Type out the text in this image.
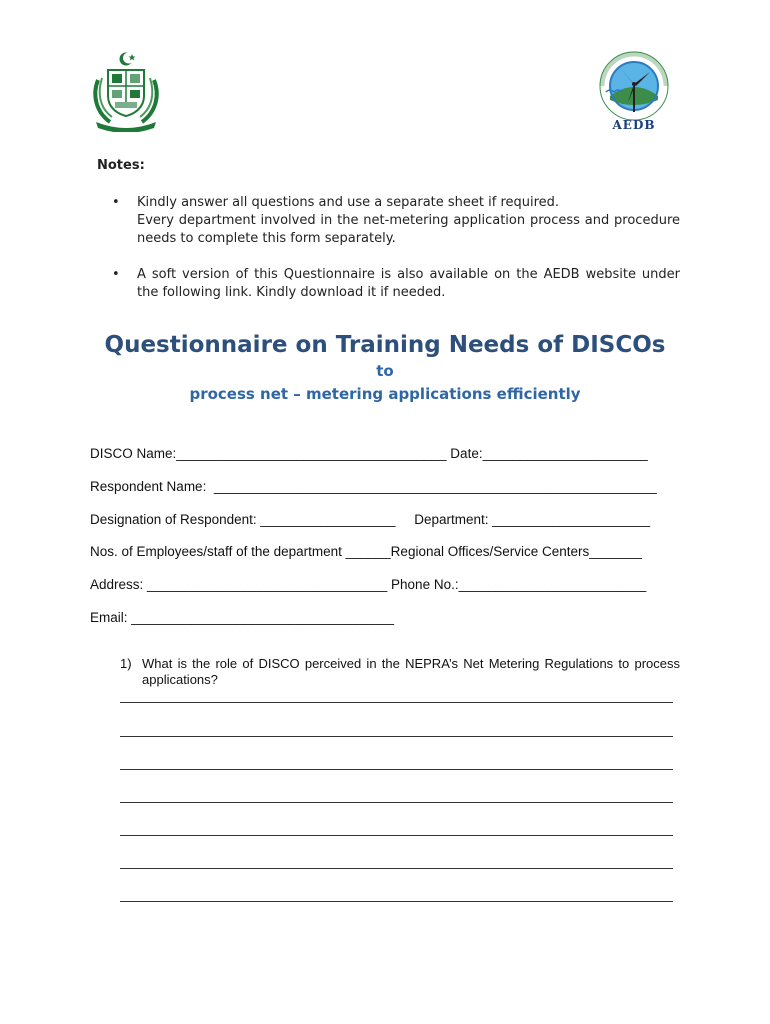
AEDB
Notes:
• Kindly answer all questions and use a separate sheet if required.
Every department involved in the net-metering application process and procedure needs to complete this form separately.
• A soft version of this Questionnaire is also available on the AEDB website under the following link. Kindly download it if needed.
Questionnaire on Training Needs of DISCOs
to
process net – metering applications efficiently
DISCO Name:____________________________________ Date:______________________
Respondent Name:  ___________________________________________________________
Designation of Respondent: __________________     Department: _____________________
Nos. of Employees/staff of the department ______Regional Offices/Service Centers_______
Address: ________________________________ Phone No.:_________________________
Email: ___________________________________
1) What is the role of DISCO perceived in the NEPRA’s Net Metering Regulations to process applications?
